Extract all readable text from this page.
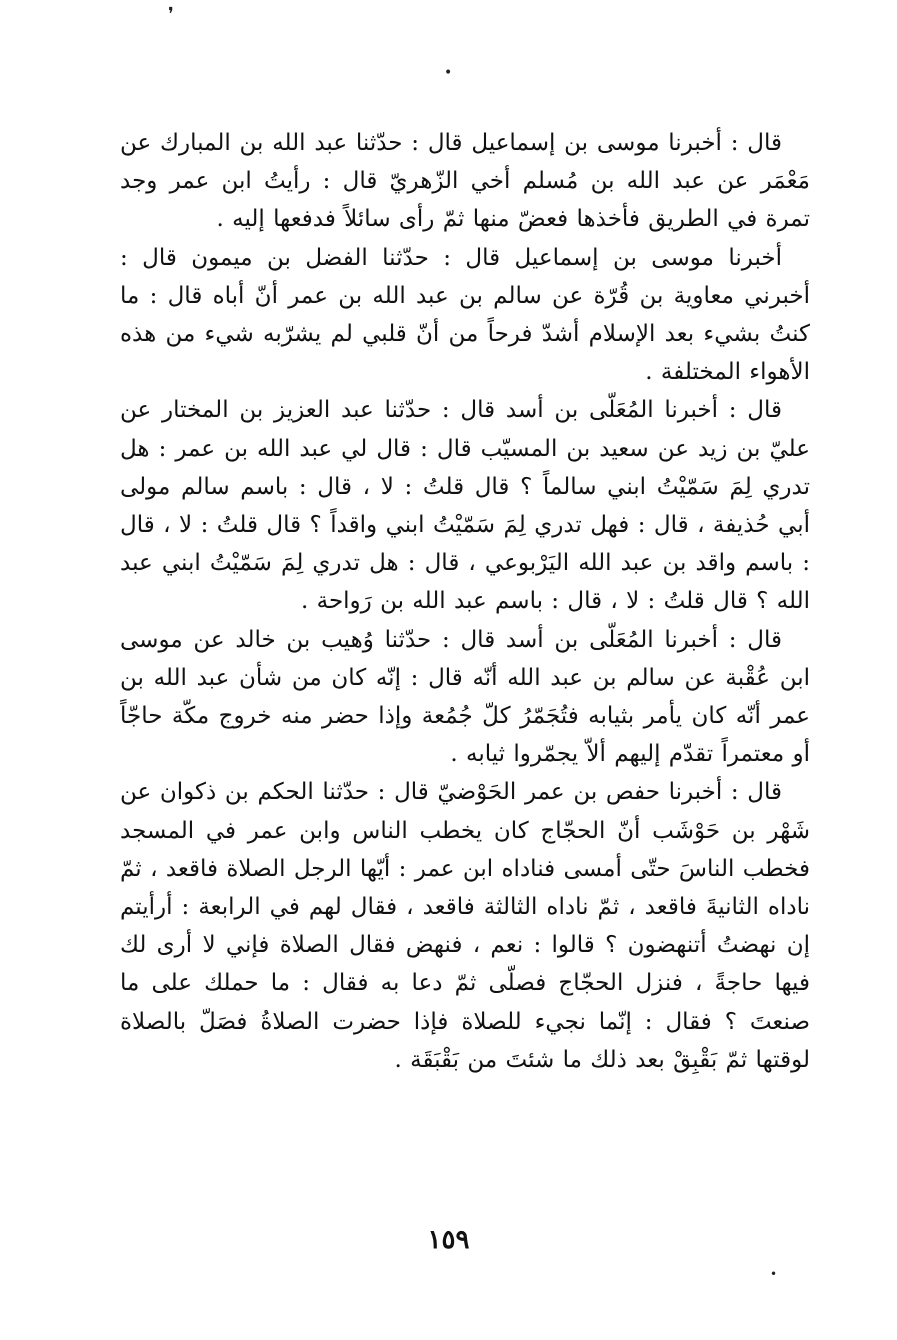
❜
•

قال : أخبرنا موسى بن إسماعيل قال : حدّثنا عبد الله بن المبارك عن مَعْمَر عن عبد الله بن مُسلم أخي الزّهريّ قال : رأيتُ ابن عمر وجد تمرة في الطريق فأخذها فعضّ منها ثمّ رأى سائلاً فدفعها إليه .

أخبرنا موسى بن إسماعيل قال : حدّثنا الفضل بن ميمون قال : أخبرني معاوية بن قُرّة عن سالم بن عبد الله بن عمر أنّ أباه قال : ما كنتُ بشيء بعد الإسلام أشدّ فرحاً من أنّ قلبي لم يشرّبه شيء من هذه الأهواء المختلفة .

قال : أخبرنا المُعَلّى بن أسد قال : حدّثنا عبد العزيز بن المختار عن عليّ بن زيد عن سعيد بن المسيّب قال : قال لي عبد الله بن عمر : هل تدري لِمَ سَمّيْتُ ابني سالماً ؟ قال قلتُ : لا ، قال : باسم سالم مولى أبي حُذيفة ، قال : فهل تدري لِمَ سَمّيْتُ ابني واقداً ؟ قال قلتُ : لا ، قال : باسم واقد بن عبد الله اليَرْبوعي ، قال : هل تدري لِمَ سَمّيْتُ ابني عبد الله ؟ قال قلتُ : لا ، قال : باسم عبد الله بن رَواحة .

قال : أخبرنا المُعَلّى بن أسد قال : حدّثنا وُهيب بن خالد عن موسى ابن عُقْبة عن سالم بن عبد الله أنّه قال : إنّه كان من شأن عبد الله بن عمر أنّه كان يأمر بثيابه فتُجَمّرُ كلّ جُمُعة وإذا حضر منه خروج مكّة حاجّاً أو معتمراً تقدّم إليهم ألاّ يجمّروا ثيابه .

قال : أخبرنا حفص بن عمر الحَوْضيّ قال : حدّثنا الحكم بن ذكوان عن شَهْر بن حَوْشَب أنّ الحجّاج كان يخطب الناس وابن عمر في المسجد فخطب الناسَ حتّى أمسى فناداه ابن عمر : أيّها الرجل الصلاة فاقعد ، ثمّ ناداه الثانيةَ فاقعد ، ثمّ ناداه الثالثة فاقعد ، فقال لهم في الرابعة : أرأيتم إن نهضتُ أتنهضون ؟ قالوا : نعم ، فنهض فقال الصلاة فإني لا أرى لك فيها حاجةً ، فنزل الحجّاج فصلّى ثمّ دعا به فقال : ما حملك على ما صنعتَ ؟ فقال : إنّما نجيء للصلاة فإذا حضرت الصلاةُ فصَلّ بالصلاة لوقتها ثمّ بَقْبِقْ بعد ذلك ما شئتَ من بَقْبَقَة .

١٥٩
•
